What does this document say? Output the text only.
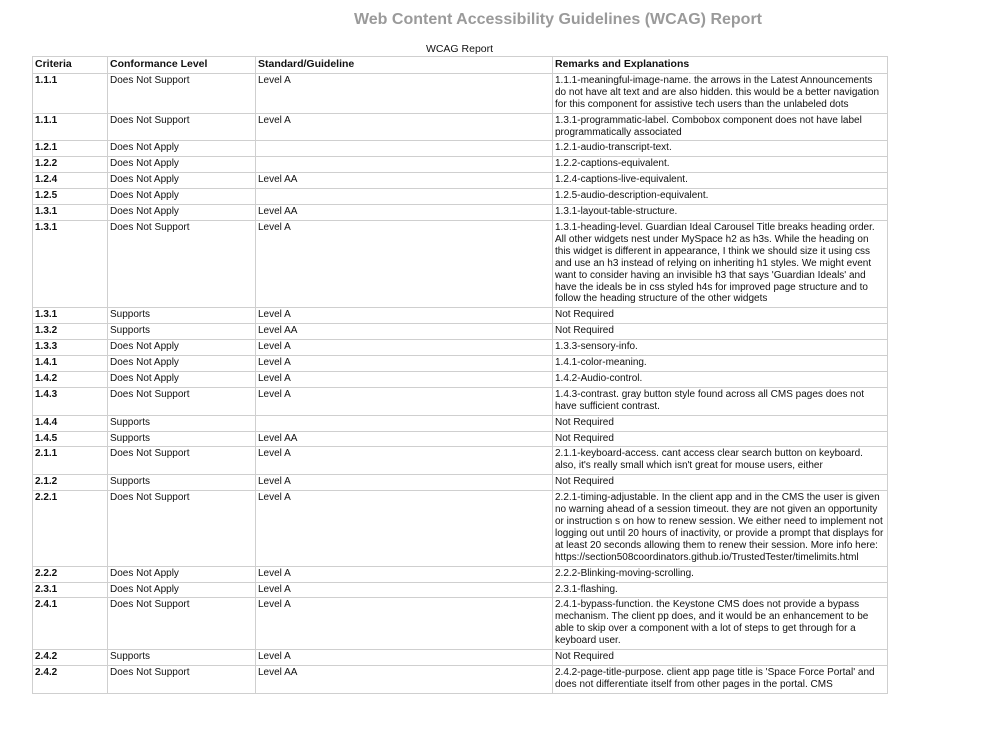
Web Content Accessibility Guidelines (WCAG) Report
WCAG Report
Criteria	Conformance Level	Standard/Guideline	Remarks and Explanations
1.1.1	Does Not Support	Level A	1.1.1-meaningful-image-name. the arrows in the Latest Announcements do not have alt text and are also hidden. this would be a better navigation for this component for assistive tech users than the unlabeled dots
1.1.1	Does Not Support	Level A	1.3.1-programmatic-label. Combobox component does not have label programmatically associated
1.2.1	Does Not Apply		1.2.1-audio-transcript-text.
1.2.2	Does Not Apply		1.2.2-captions-equivalent.
1.2.4	Does Not Apply	Level AA	1.2.4-captions-live-equivalent.
1.2.5	Does Not Apply		1.2.5-audio-description-equivalent.
1.3.1	Does Not Apply	Level AA	1.3.1-layout-table-structure.
1.3.1	Does Not Support	Level A	1.3.1-heading-level. Guardian Ideal Carousel Title breaks heading order. All other widgets nest under MySpace h2 as h3s. While the heading on this widget is different in appearance, I think we should size it using css and use an h3 instead of relying on inheriting h1 styles. We might event want to consider having an invisible h3 that says 'Guardian Ideals' and have the ideals be in css styled h4s for improved page structure and to follow the heading structure of the other widgets
1.3.1	Supports	Level A	Not Required
1.3.2	Supports	Level AA	Not Required
1.3.3	Does Not Apply	Level A	1.3.3-sensory-info.
1.4.1	Does Not Apply	Level A	1.4.1-color-meaning.
1.4.2	Does Not Apply	Level A	1.4.2-Audio-control.
1.4.3	Does Not Support	Level A	1.4.3-contrast. gray button style found across all CMS pages does not have sufficient contrast.
1.4.4	Supports		Not Required
1.4.5	Supports	Level AA	Not Required
2.1.1	Does Not Support	Level A	2.1.1-keyboard-access. cant access clear search button on keyboard. also, it's really small which isn't great for mouse users, either
2.1.2	Supports	Level A	Not Required
2.2.1	Does Not Support	Level A	2.2.1-timing-adjustable. In the client app and in the CMS the user is given no warning ahead of a session timeout. they are not given an opportunity or instruction s on how to renew session. We either need to implement not logging out until 20 hours of inactivity, or provide a prompt that displays for at least 20 seconds allowing them to renew their session. More info here: https://section508coordinators.github.io/TrustedTester/timelimits.html
2.2.2	Does Not Apply	Level A	2.2.2-Blinking-moving-scrolling.
2.3.1	Does Not Apply	Level A	2.3.1-flashing.
2.4.1	Does Not Support	Level A	2.4.1-bypass-function. the Keystone CMS does not provide a bypass mechanism. The client pp does, and it would be an enhancement to be able to skip over a component with a lot of steps to get through for a keyboard user.
2.4.2	Supports	Level A	Not Required
2.4.2	Does Not Support	Level AA	2.4.2-page-title-purpose. client app page title is 'Space Force Portal' and does not differentiate itself from other pages in the portal. CMS
